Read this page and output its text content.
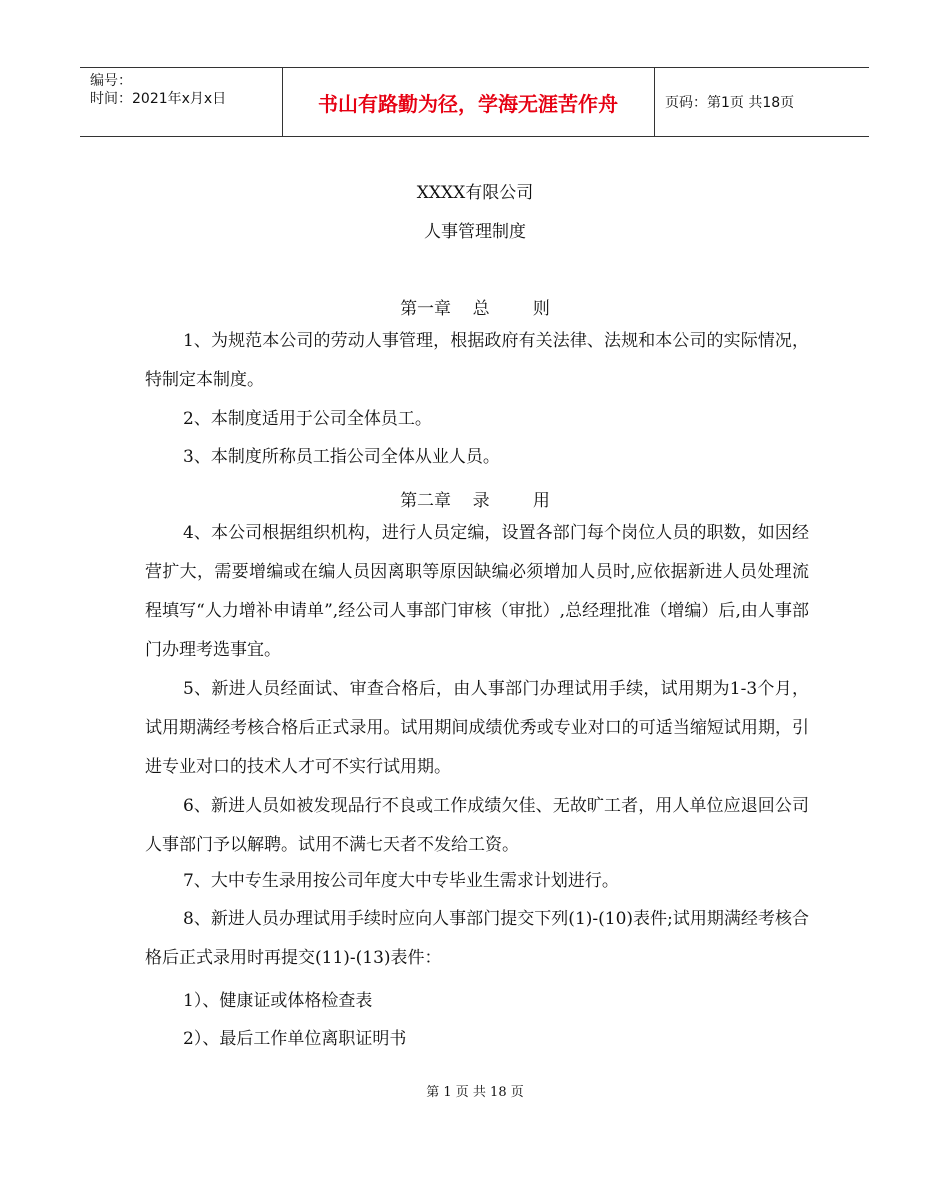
编号：
时间：2021年x月x日	书山有路勤为径，学海无涯苦作舟	页码：第1页 共18页
XXXX有限公司
人事管理制度
第一章    总        则
1、为规范本公司的劳动人事管理，根据政府有关法律、法规和本公司的实际情况，特制定本制度。
2、本制度适用于公司全体员工。
3、本制度所称员工指公司全体从业人员。
第二章    录        用
4、本公司根据组织机构，进行人员定编，设置各部门每个岗位人员的职数，如因经营扩大，需要增编或在编人员因离职等原因缺编必须增加人员时,应依据新进人员处理流程填写“人力增补申请单”,经公司人事部门审核（审批）,总经理批准（增编）后,由人事部门办理考选事宜。
5、新进人员经面试、审查合格后，由人事部门办理试用手续，试用期为1-3个月，试用期满经考核合格后正式录用。试用期间成绩优秀或专业对口的可适当缩短试用期，引进专业对口的技术人才可不实行试用期。
6、新进人员如被发现品行不良或工作成绩欠佳、无故旷工者，用人单位应退回公司人事部门予以解聘。试用不满七天者不发给工资。
7、大中专生录用按公司年度大中专毕业生需求计划进行。
8、新进人员办理试用手续时应向人事部门提交下列(1)-(10)表件;试用期满经考核合格后正式录用时再提交(11)-(13)表件：
1）、健康证或体格检查表
2）、最后工作单位离职证明书
第 1 页 共 18 页
